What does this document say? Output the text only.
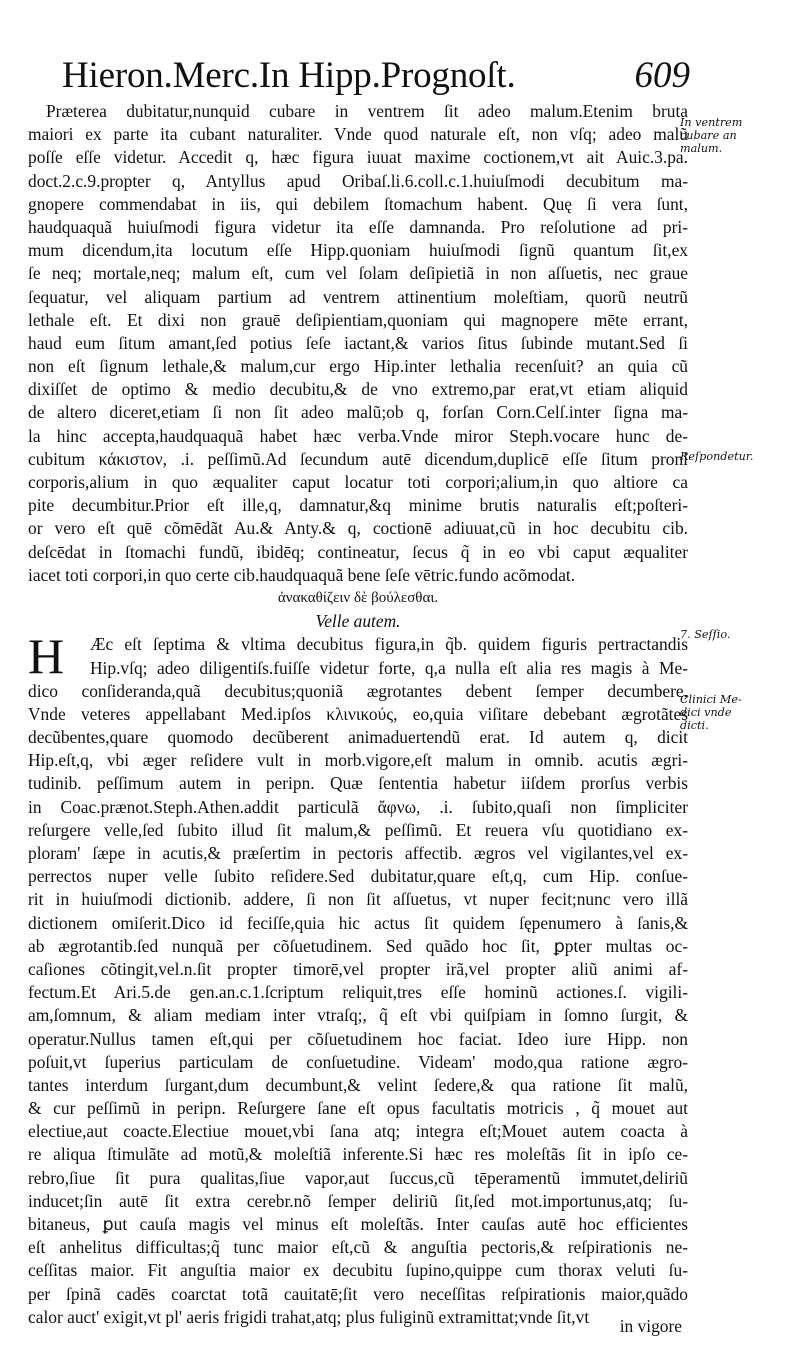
Hieron.Merc.In Hipp.Prognoſt.	609
Præterea dubitatur,nunquid cubare in ventrem ſit adeo malum.Etenim bruta
maiori ex parte ita cubant naturaliter. Vnde quod naturale eſt, non vſq; adeo malũ
poſſe eſſe videtur. Accedit q, hæc figura iuuat maxime coctionem,vt ait Auic.3.pa.
doct.2.c.9.propter q, Antyllus apud Oribaſ.li.6.coll.c.1.huiuſmodi decubitum ma-
gnopere commendabat in iis, qui debilem ſtomachum habent. Quę ſi vera ſunt,
haudquaquã huiuſmodi figura videtur ita eſſe damnanda. Pro reſolutione ad pri-
mum dicendum,ita locutum eſſe Hipp.quoniam huiuſmodi ſignũ quantum ſit,ex
ſe neq; mortale,neq; malum eſt, cum vel ſolam deſipietiã in non aſſuetis, nec graue
ſequatur, vel aliquam partium ad ventrem attinentium moleſtiam, quorũ neutrũ
lethale eſt. Et dixi non grauē deſipientiam,quoniam qui magnopere mēte errant,
haud eum ſitum amant,ſed potius ſeſe iactant,& varios ſitus ſubinde mutant.Sed ſi
non eſt ſignum lethale,& malum,cur ergo Hip.inter lethalia recenſuit? an quia cũ
dixiſſet de optimo & medio decubitu,& de vno extremo,par erat,vt etiam aliquid
de altero diceret,etiam ſi non ſit adeo malũ;ob q, forſan Corn.Celſ.inter ſigna ma-
la hinc accepta,haudquaquã habet hæc verba.Vnde miror Steph.vocare hunc de-
cubitum κάκιστον, .i. peſſimũ.Ad ſecundum autē dicendum,duplicē eſſe ſitum proni
corporis,alium in quo æqualiter caput locatur toti corpori;alium,in quo altiore ca
pite decumbitur.Prior eſt ille,q, damnatur,&q minime brutis naturalis eſt;poſteri-
or vero eſt quē cõmēdãt Au.& Anty.& q, coctionē adiuuat,cũ in hoc decubitu cib.
deſcēdat in ſtomachi fundũ, ibidēq; contineatur, ſecus q̃ in eo vbi caput æqualiter
iacet toti corpori,in quo certe cib.haudquaquã bene ſeſe vētric.fundo acõmodat.
ἀνακαθίζειν δὲ βούλεσθαι.
Velle autem.
H	Æc eſt ſeptima & vltima decubitus figura,in q̃b. quidem figuris pertractandis
Hip.vſq; adeo diligentiſs.fuiſſe videtur forte, q,a nulla eſt alia res magis à Me-
dico conſideranda,quã decubitus;quoniã ægrotantes debent ſemper decumbere,
Vnde veteres appellabant Med.ipſos κλινικούς, eo,quia viſitare debebant ægrotãtes
decũbentes,quare quomodo decũberent animaduertendũ erat. Id autem q, dicit
Hip.eſt,q, vbi æger reſidere vult in morb.vigore,eſt malum in omnib. acutis ægri-
tudinib. peſſimum autem in peripn. Quæ ſententia habetur iiſdem prorſus verbis
in Coac.prænot.Steph.Athen.addit particulã ἄφνω, .i. ſubito,quaſi non ſimpliciter
reſurgere velle,ſed ſubito illud ſit malum,& peſſimũ. Et reuera vſu quotidiano ex-
ploram' ſæpe in acutis,& præſertim in pectoris affectib. ægros vel vigilantes,vel ex-
perrectos nuper velle ſubito reſidere.Sed dubitatur,quare eſt,q, cum Hip. conſue-
rit in huiuſmodi dictionib. addere, ſi non ſit aſſuetus, vt nuper fecit;nunc vero illã
dictionem omiſerit.Dico id feciſſe,quia hic actus ſit quidem ſępenumero à ſanis,&
ab ægrotantib.ſed nunquã per cõſuetudinem. Sed quãdo hoc ſit, ꝑpter multas oc-
caſiones cõtingit,vel.n.ſit propter timorē,vel propter irã,vel propter aliũ animi af-
fectum.Et Ari.5.de gen.an.c.1.ſcriptum reliquit,tres eſſe hominũ actiones.ſ. vigili-
am,ſomnum, & aliam mediam inter vtraſq;, q̃ eſt vbi quiſpiam in ſomno ſurgit, &
operatur.Nullus tamen eſt,qui per cõſuetudinem hoc faciat. Ideo iure Hipp. non
poſuit,vt ſuperius particulam de conſuetudine. Videam' modo,qua ratione ægro-
tantes interdum ſurgant,dum decumbunt,& velint ſedere,& qua ratione ſit malũ,
& cur peſſimũ in peripn. Reſurgere ſane eſt opus facultatis motricis , q̃ mouet aut
electiue,aut coacte.Electiue mouet,vbi ſana atq; integra eſt;Mouet autem coacta à
re aliqua ſtimulãte ad motũ,& moleſtiã inferente.Si hæc res moleſtãs ſit in ipſo ce-
rebro,ſiue ſit pura qualitas,ſiue vapor,aut ſuccus,cũ tēperamentũ immutet,deliriũ
inducet;ſin autē ſit extra cerebr.nõ ſemper deliriũ ſit,ſed mot.importunus,atq; ſu-
bitaneus, ꝑut cauſa magis vel minus eſt moleſtãs. Inter cauſas autē hoc efficientes
eſt anhelitus difficultas;q̃ tunc maior eſt,cũ & anguſtia pectoris,& reſpirationis ne-
ceſſitas maior. Fit anguſtia maior ex decubitu ſupino,quippe cum thorax veluti ſu-
per ſpinã cadēs coarctat totã cauitatē;ſit vero neceſſitas reſpirationis maior,quãdo
calor auct' exigit,vt pl' aeris frigidi trahat,atq; plus fuliginũ extramittat;vnde ſit,vt
In ventrem
cubare an
malum.
Reſpondetur.
7. Seſſio.
Clinici Me-
dici vnde
dicti.
in vigore
